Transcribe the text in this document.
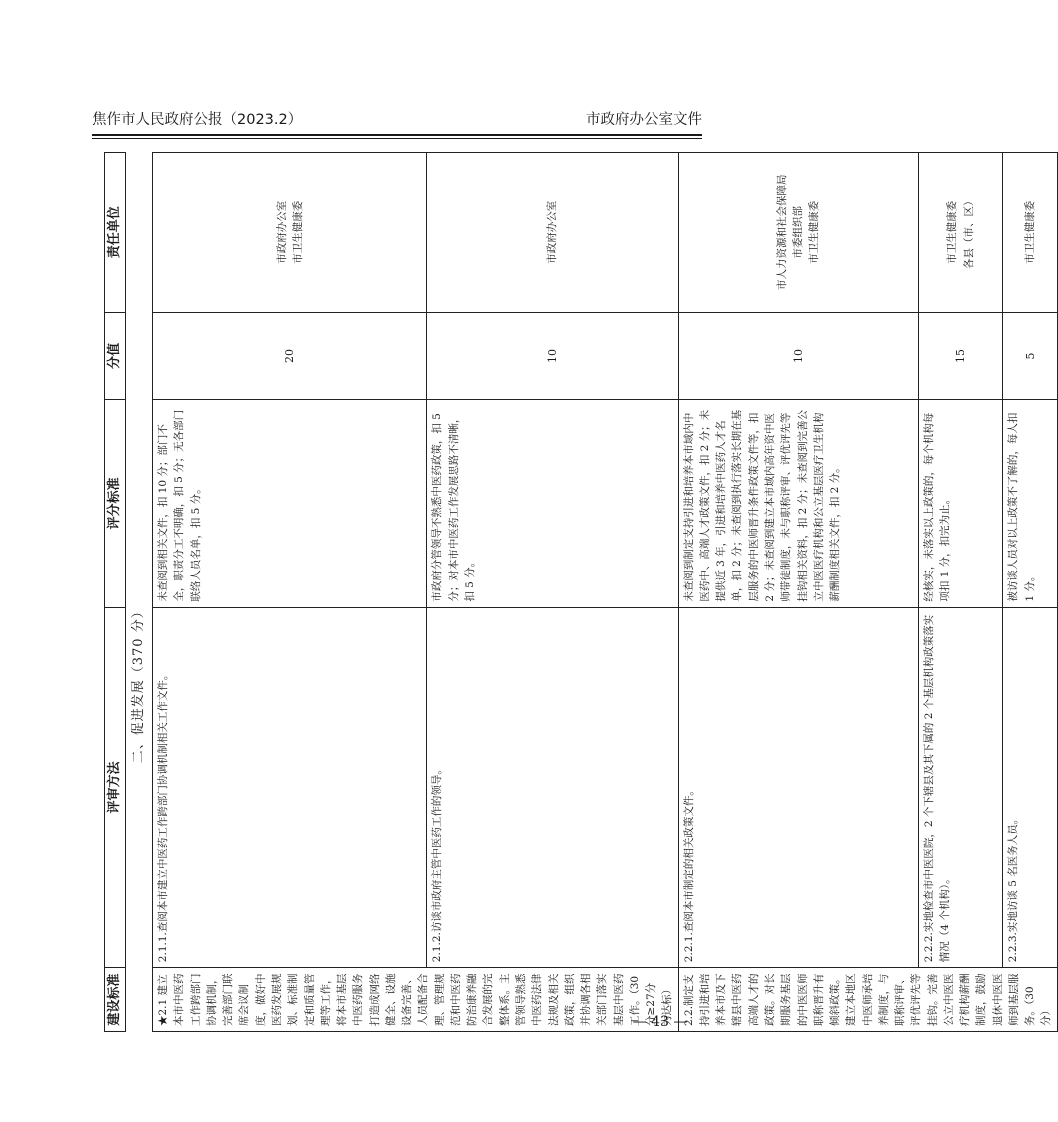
焦作市人民政府公报（2023.2）	市政府办公室文件
建设标准	评审方法	评分标准	分值	责任单位
	二、促进发展（370 分）			
★2.1 建立本市中医药工作跨部门协调机制，完善部门联席会议制度，做好中医药发展规划、标准制定和质量管理等工作，将本市基层中医药服务打造成网络健全、设施设备完善、人员配备合理、管理规范和中医药防治康养融合发展的完整体系。主管领导熟悉中医药法律法规及相关政策，组织并协调各相关部门落实基层中医药工作。（30分≥27分为达标）	2.1.1.查阅本市建立中医药工作跨部门协调机制相关工作文件。	未查阅到相关文件，扣 10 分；部门不全，职责分工不明确，扣 5 分；无各部门联络人员名单，扣 5 分。	20	市政府办公室
市卫生健康委
	2.1.2.访谈市政府主管中医药工作的领导。	市政府分管领导不熟悉中医药政策，扣 5 分；对本市中医药工作发展思路不清晰，扣 5 分。	10	市政府办公室
2.2.制定支持引进和培养本市及下辖县中医药高端人才的政策。对长期服务基层的中医医师职称晋升有倾斜政策。建立本地区中医师承培养制度，与职称评审、评优评先等挂钩。完善公立中医医疗机构薪酬制度，鼓励退休中医医师到基层服务。（30分）	2.2.1.查阅本市制定的相关政策文件。	未查阅到制定支持引进和培养本市域内中医药中、高端人才政策文件，扣 2 分；未提供近 3 年，引进和培养中医药人才名单，扣 2 分；未查阅到执行落实长期在基层服务的中医师晋升条件政策文件等，扣 2 分；未查阅到建立本市域内高年资中医师带徒制度，未与职称评审、评优评先等挂钩相关资料，扣 2 分；未查阅到完善公立中医医疗机构和公立基层医疗卫生机构薪酬制度相关文件，扣 2 分。	10	市人力资源和社会保障局
市委组织部
市卫生健康委
	2.2.2.实地检查市中医医院，2 个下辖县及其下属的 2 个基层机构政策落实情况（4 个机构）。	经核实，未落实以上政策的，每个机构每项扣 1 分，扣完为止。	15	市卫生健康委
各县（市、区）
	2.2.3.实地访谈 5 名医务人员。	被访谈人员对以上政策不了解的，每人扣 1 分。	5	市卫生健康委
— 43 —
